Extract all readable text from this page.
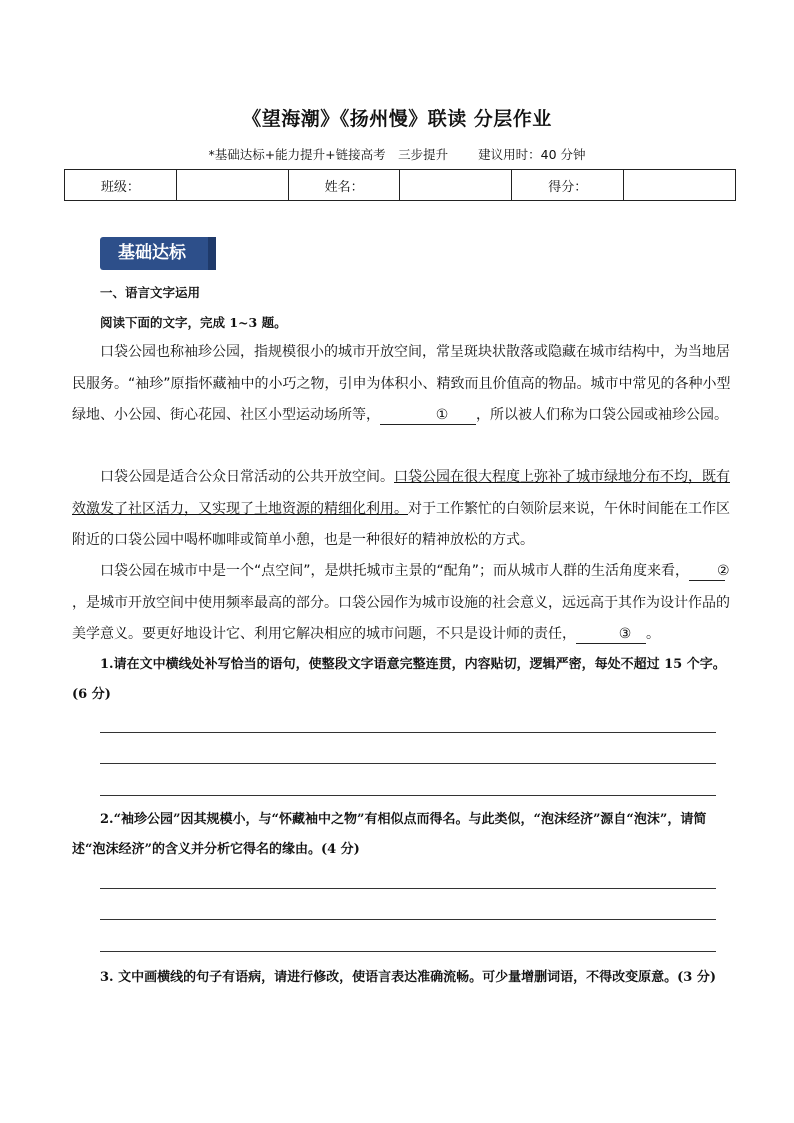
《望海潮》《扬州慢》联读 分层作业
*基础达标+能力提升+链接高考　三步提升 建议用时：40 分钟
班级：		姓名：		得分：	
基础达标
一、语言文字运用
阅读下面的文字，完成 1~3 题。
口袋公园也称袖珍公园，指规模很小的城市开放空间，常呈斑块状散落或隐藏在城市结构中，为当地居民服务。“袖珍”原指怀藏袖中的小巧之物，引申为体积小、精致而且价值高的物品。城市中常见的各种小型绿地、小公园、街心花园、社区小型运动场所等，	① ，所以被人们称为口袋公园或袖珍公园。
口袋公园是适合公众日常活动的公共开放空间。口袋公园在很大程度上弥补了城市绿地分布不均，既有效激发了社区活力，又实现了土地资源的精细化利用。对于工作繁忙的白领阶层来说，午休时间能在工作区附近的口袋公园中喝杯咖啡或简单小憩，也是一种很好的精神放松的方式。
口袋公园在城市中是一个“点空间”，是烘托城市主景的“配角”；而从城市人群的生活角度来看， ②，是城市开放空间中使用频率最高的部分。口袋公园作为城市设施的社会意义，远远高于其作为设计作品的美学意义。要更好地设计它、利用它解决相应的城市问题，不只是设计师的责任，	③ 。
1.请在文中横线处补写恰当的语句，使整段文字语意完整连贯，内容贴切，逻辑严密，每处不超过 15 个字。(6 分)
2.“袖珍公园”因其规模小，与“怀藏袖中之物”有相似点而得名。与此类似，“泡沫经济”源自“泡沫”，请简述“泡沫经济”的含义并分析它得名的缘由。(4 分)
3. 文中画横线的句子有语病，请进行修改，使语言表达准确流畅。可少量增删词语，不得改变原意。(3 分)
